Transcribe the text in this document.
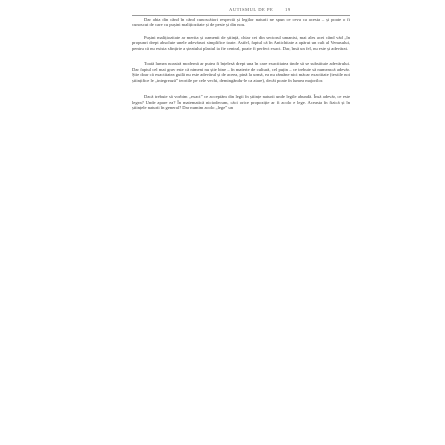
AUTISMUL DE PE	19

Dar abia din când în când cunoscători respectă și legilor naturii ne spun ce ceva ca acesta – și poate o fi cunoscut de care cu pușini malițiozitate și de peste și din nou.

Pușini malițiozitate ar merita și oamenii de știință, chiar cei din sectorul umanist, mai ales acei când văd „în propunri drept absolute unele adevăruri simplifice toate. Astfel, faptul că în Antichitate a apărut un cult al Venusului, pentru că nu exista sfințirie a șteatului plastul ia fie central, poate fi perfect exact. Dar, însă un fel, nu este și adevărat.

Toată lumea noastră modernă ar putea fi înțelesă drept una în care exactitatea tinde să se substituie adevărului. Dar faptul cel mai grav este că nimeni nu știe bine – în materie de cultură, cel puțin – ce trebuie să numească adevăr. Știe doar că exactitatea guilă nu este adevărul și de aceea, pină la urmă, ea nu rămâne nici măcar exactitate (textile noi științifice le „integrează” teoriile pe cele vechi, demingându-le ca atare), decât poate în lumea majorilor.

Dacă trebuie să vorbim „exact” ce acceptăm din legii în științe naturii unde legile abundă. Însă adevăr, ce este legea? Unde apare ea? În matematică niciodecum, căci orice propoziție ar fi acolo e lege. Aceasta în fizică și în științele naturii în general? Dar numim acolo „lege” un
